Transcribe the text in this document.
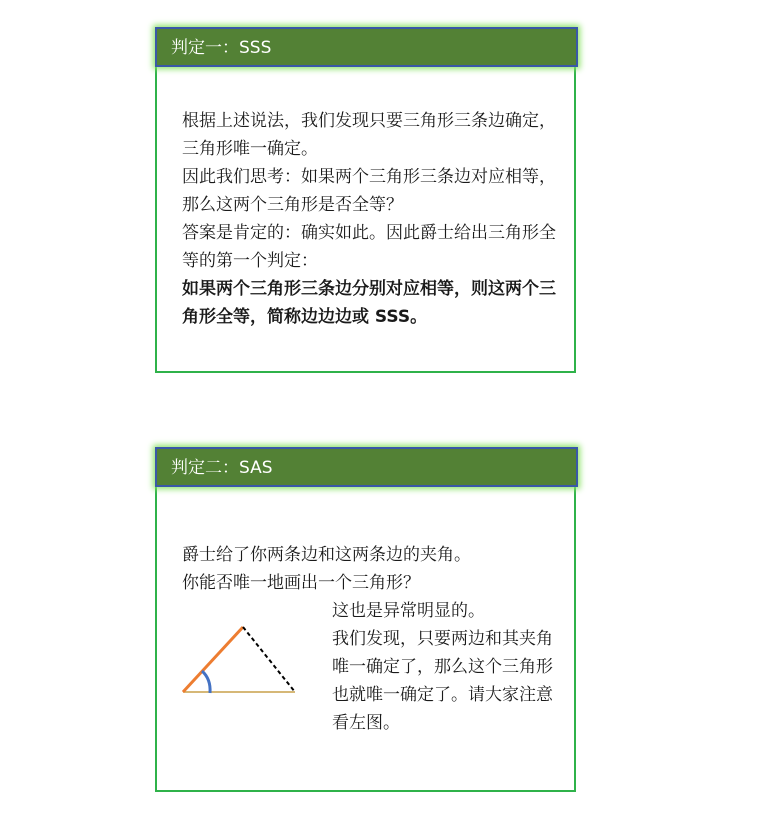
判定一：SSS

根据上述说法，我们发现只要三角形三条边确定，三角形唯一确定。

因此我们思考：如果两个三角形三条边对应相等，那么这两个三角形是否全等？

答案是肯定的：确实如此。因此爵士给出三角形全等的第一个判定：

如果两个三角形三条边分别对应相等，则这两个三角形全等，简称边边边或 SSS。

判定二：SAS

爵士给了你两条边和这两条边的夹角。

你能否唯一地画出一个三角形？

这也是异常明显的。

我们发现，只要两边和其夹角唯一确定了，那么这个三角形也就唯一确定了。请大家注意看左图。
